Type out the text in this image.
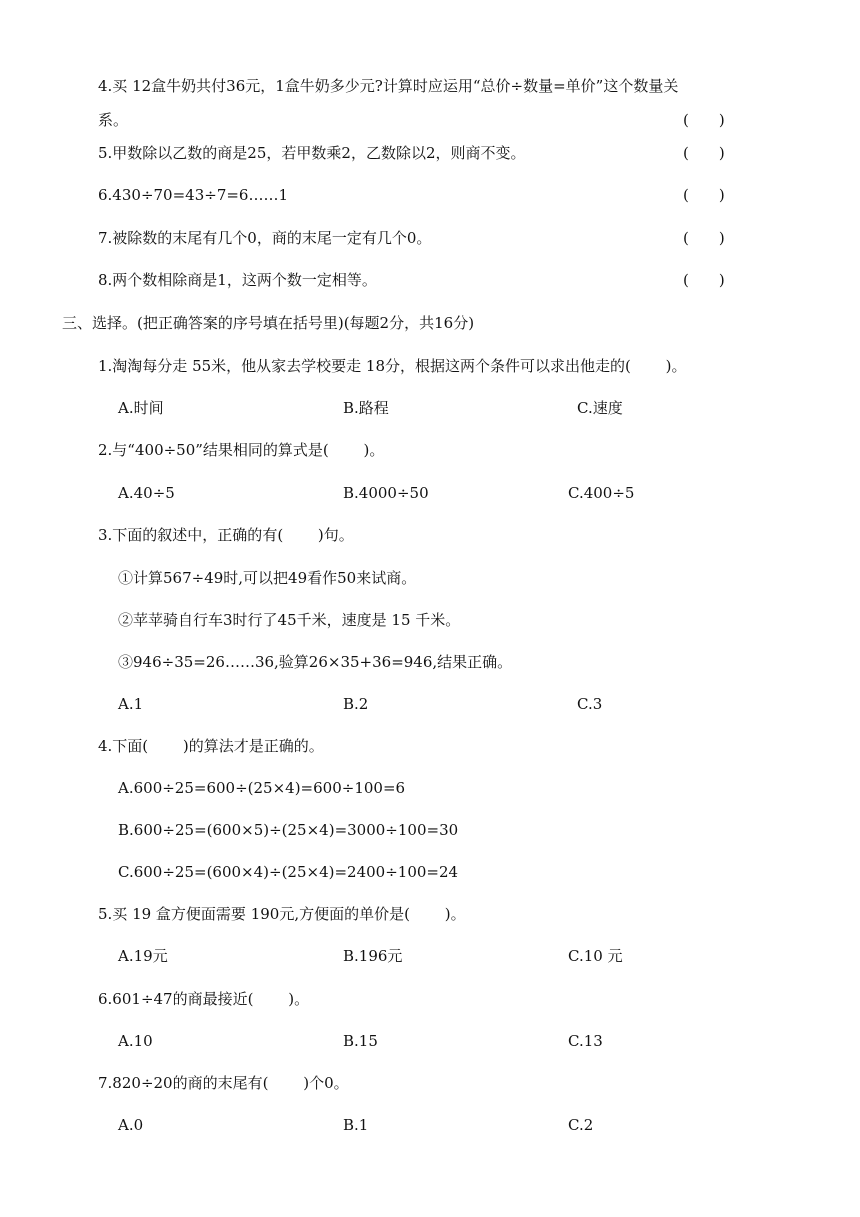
4.买 12盒牛奶共付36元，1盒牛奶多少元?计算时应运用“总价÷数量=单价”这个数量关
系。	(　　)
5.甲数除以乙数的商是25，若甲数乘2，乙数除以2，则商不变。	(　　)
6.430÷70=43÷7=6……1	(　　)
7.被除数的末尾有几个0，商的末尾一定有几个0。	(　　)
8.两个数相除商是1，这两个数一定相等。	(　　)
三、选择。(把正确答案的序号填在括号里)(每题2分，共16分)
1.淘淘每分走 55米，他从家去学校要走 18分，根据这两个条件可以求出他走的(　　 )。
A.时间	B.路程	C.速度
2.与“400÷50”结果相同的算式是(　　 )。
A.40÷5	B.4000÷50	C.400÷5
3.下面的叙述中，正确的有(　　 )句。
①计算567÷49时,可以把49看作50来试商。
②苹苹骑自行车3时行了45千米，速度是 15 千米。
③946÷35=26……36,验算26×35+36=946,结果正确。
A.1	B.2	C.3
4.下面(　　 )的算法才是正确的。
A.600÷25=600÷(25×4)=600÷100=6
B.600÷25=(600×5)÷(25×4)=3000÷100=30
C.600÷25=(600×4)÷(25×4)=2400÷100=24
5.买 19 盒方便面需要 190元,方便面的单价是(　　 )。
A.19元	B.196元	C.10 元
6.601÷47的商最接近(　　 )。
A.10	B.15	C.13
7.820÷20的商的末尾有(　　 )个0。
A.0	B.1	C.2
